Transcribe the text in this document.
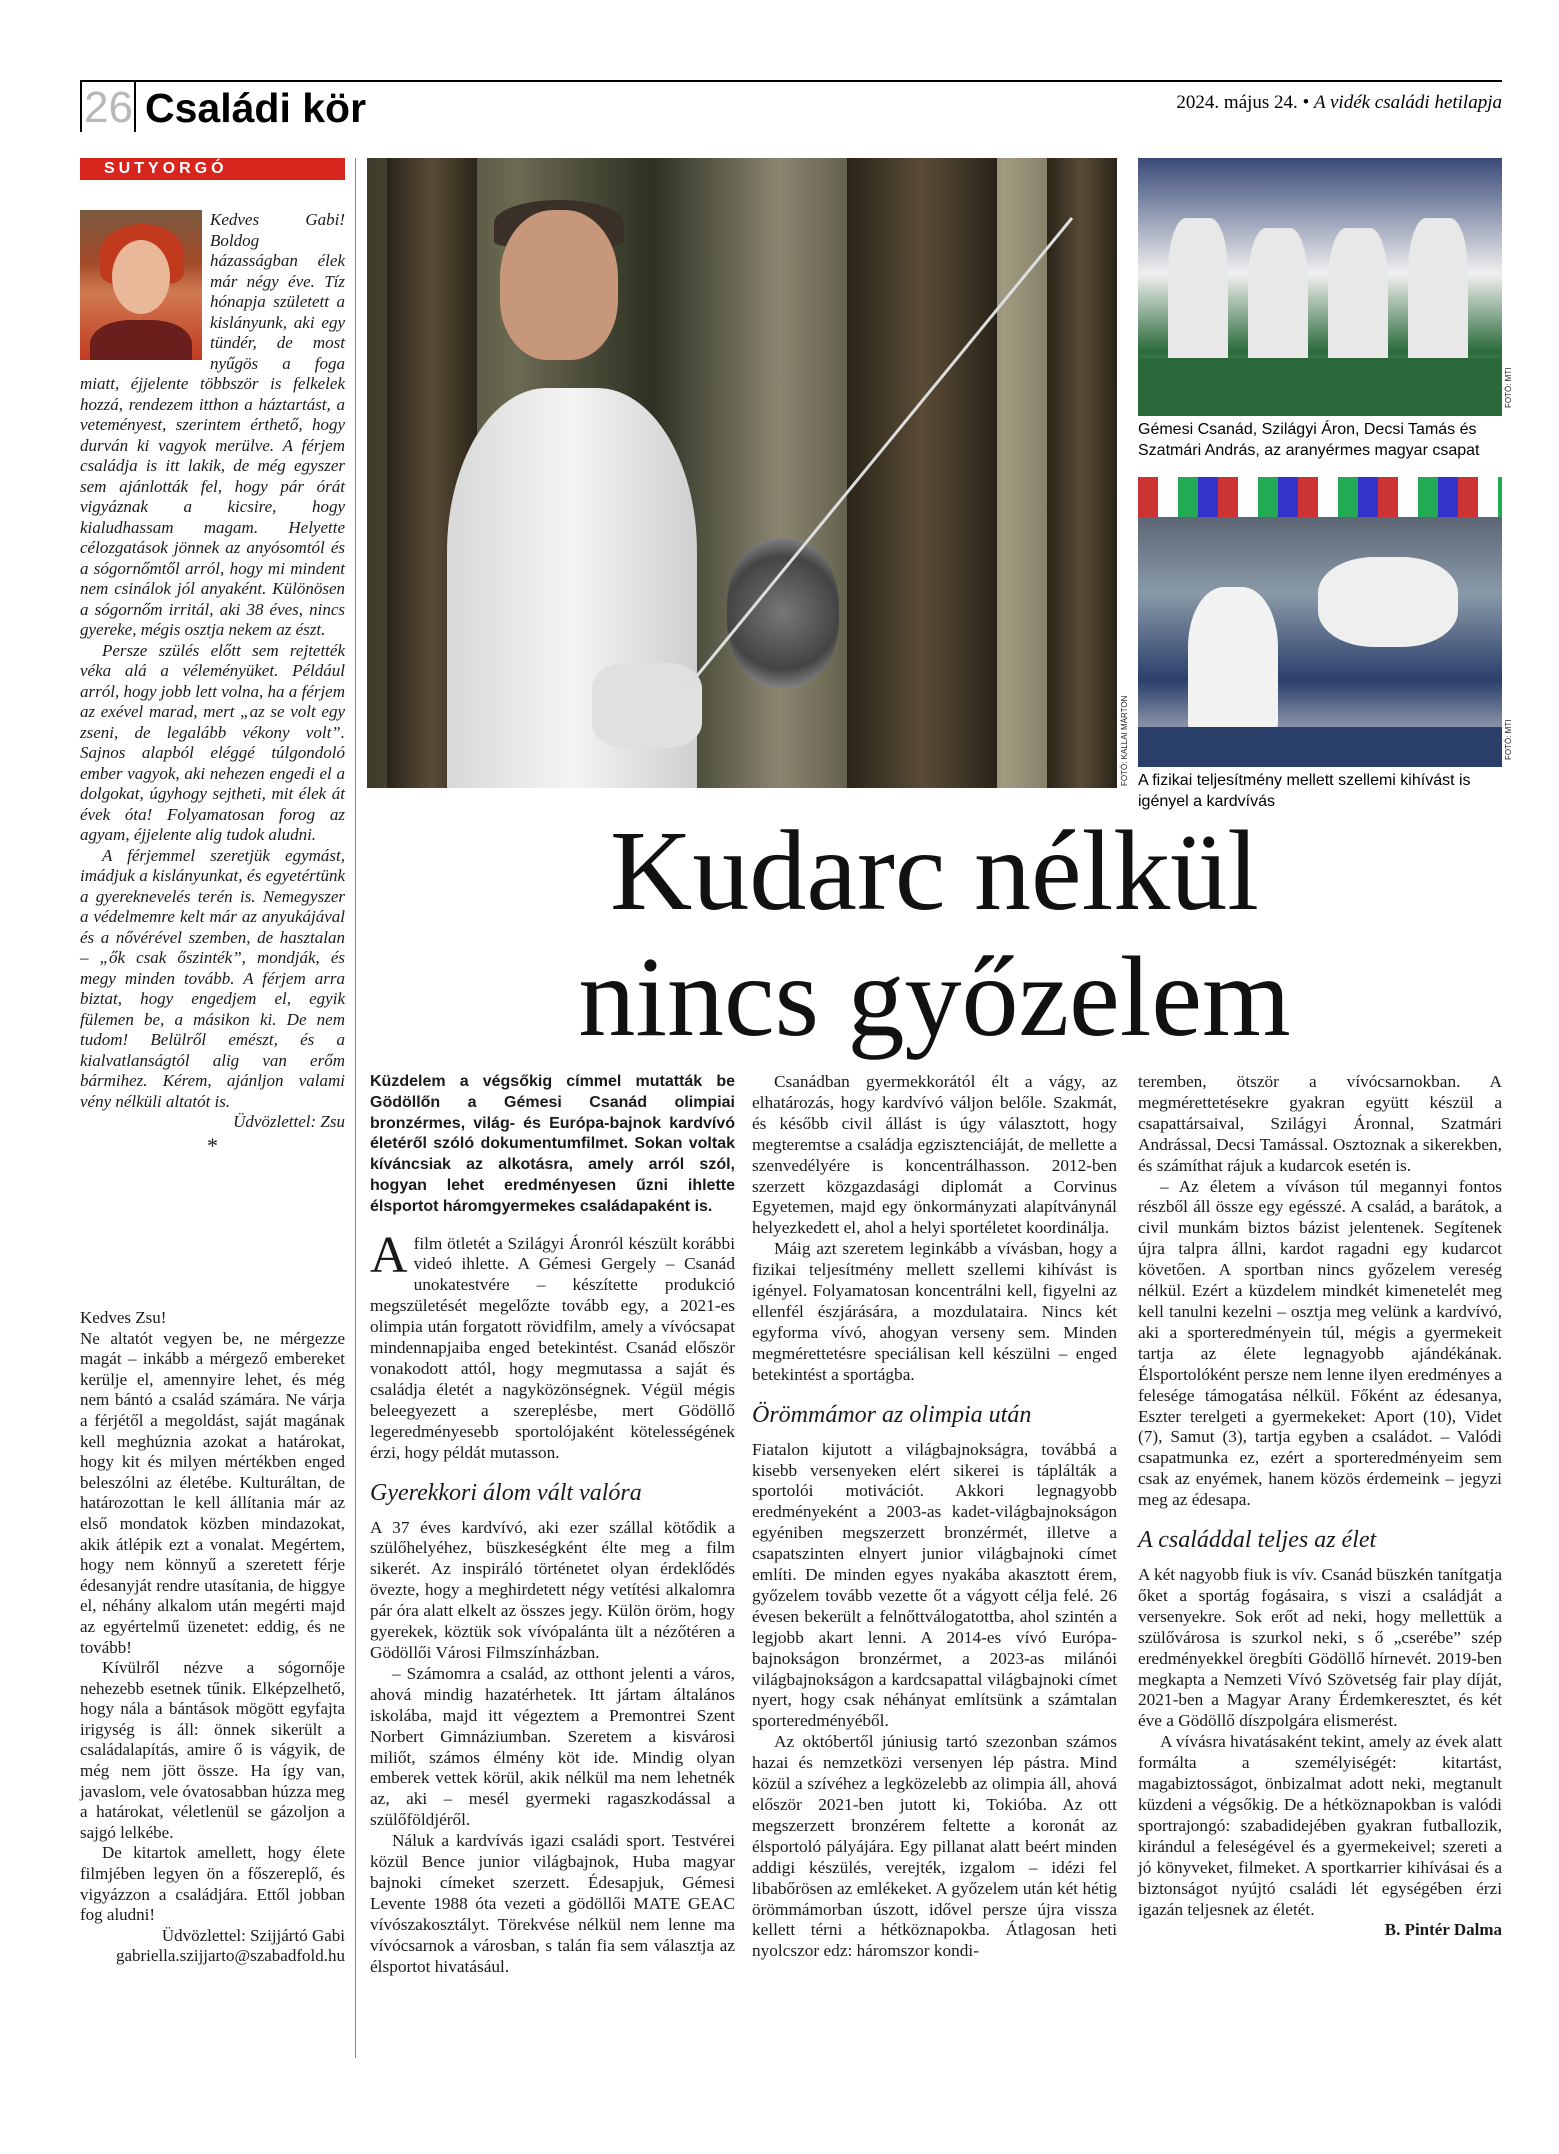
26 Családi kör	2024. május 24. • A vidék családi hetilapja
SUTYORGÓ

Kedves Gabi! Boldog házasságban élek már négy éve. Tíz hónapja született a kislányunk, aki egy tündér, de most nyűgös a foga miatt, éjjelente többször is felkelek hozzá, rendezem itthon a háztartást, a veteményest, szerintem érthető, hogy durván ki vagyok merülve. A férjem családja is itt lakik, de még egyszer sem ajánlották fel, hogy pár órát vigyáznak a kicsire, hogy kialudhassam magam. Helyette célozgatások jönnek az anyósomtól és a sógornőmtől arról, hogy mi mindent nem csinálok jól anyaként. Különösen a sógornőm irritál, aki 38 éves, nincs gyereke, mégis osztja nekem az észt.

Persze szülés előtt sem rejtették véka alá a véleményüket. Például arról, hogy jobb lett volna, ha a férjem az exével marad, mert „az se volt egy zseni, de legalább vékony volt”. Sajnos alapból eléggé túlgondoló ember vagyok, aki nehezen engedi el a dolgokat, úgyhogy sejtheti, mit élek át évek óta! Folyamatosan forog az agyam, éjjelente alig tudok aludni.

A férjemmel szeretjük egymást, imádjuk a kislányunkat, és egyetértünk a gyereknevelés terén is. Nemegyszer a védelmemre kelt már az anyukájával és a nővérével szemben, de hasztalan – „ők csak őszinték”, mondják, és megy minden tovább. A férjem arra biztat, hogy engedjem el, egyik fülemen be, a másikon ki. De nem tudom! Belülről emészt, és a kialvatlanságtól alig van erőm bármihez. Kérem, ajánljon valami vény nélküli altatót is.

Üdvözlettel: Zsu
*

Kedves Zsu!

Ne altatót vegyen be, ne mérgezze magát – inkább a mérgező embereket kerülje el, amennyire lehet, és még nem bántó a család számára. Ne várja a férjétől a megoldást, saját magának kell meghúznia azokat a határokat, hogy kit és milyen mértékben enged beleszólni az életébe. Kulturáltan, de határozottan le kell állítania már az első mondatok közben mindazokat, akik átlépik ezt a vonalat. Megértem, hogy nem könnyű a szeretett férje édesanyját rendre utasítania, de higgye el, néhány alkalom után megérti majd az egyértelmű üzenetet: eddig, és ne tovább!

Kívülről nézve a sógornője nehezebb esetnek tűnik. Elképzelhető, hogy nála a bántások mögött egyfajta irigység is áll: önnek sikerült a családalapítás, amire ő is vágyik, de még nem jött össze. Ha így van, javaslom, vele óvatosabban húzza meg a határokat, véletlenül se gázoljon a sajgó lelkébe.

De kitartok amellett, hogy élete filmjében legyen ön a főszereplő, és vigyázzon a családjára. Ettől jobban fog aludni!

Üdvözlettel: Szijjártó Gabi
gabriella.szijjarto@szabadfold.hu
FOTÓ: KALLAI MÁRTON
FOTÓ: MTI
Gémesi Csanád, Szilágyi Áron, Decsi Tamás és Szatmári András, az aranyérmes magyar csapat
FOTÓ: MTI
A fizikai teljesítmény mellett szellemi kihívást is igényel a kardvívás
Kudarc nélkül
nincs győzelem
Küzdelem a végsőkig címmel mutatták be Gödöllőn a Gémesi Csanád olimpiai bronzérmes, világ- és Európa-bajnok kardvívó életéről szóló dokumentumfilmet. Sokan voltak kíváncsiak az alkotásra, amely arról szól, hogyan lehet eredményesen űzni ihlette élsportot háromgyermekes családapaként is.

Afilm ötletét a Szilágyi Áronról készült korábbi videó ihlette. A Gémesi Gergely – Csanád unokatestvére – készítette produkció megszületését megelőzte tovább egy, a 2021-es olimpia után forgatott rövidfilm, amely a vívócsapat mindennapjaiba enged betekintést. Csanád először vonakodott attól, hogy megmutassa a saját és családja életét a nagyközönségnek. Végül mégis beleegyezett a szereplésbe, mert Gödöllő legeredményesebb sportolójaként kötelességének érzi, hogy példát mutasson.

Gyerekkori álom vált valóra

A 37 éves kardvívó, aki ezer szállal kötődik a szülőhelyéhez, büszkeségként élte meg a film sikerét. Az inspiráló történetet olyan érdeklődés övezte, hogy a meghirdetett négy vetítési alkalomra pár óra alatt elkelt az összes jegy. Külön öröm, hogy gyerekek, köztük sok vívópalánta ült a nézőtéren a Gödöllői Városi Filmszínházban.

– Számomra a család, az otthont jelenti a város, ahová mindig hazatérhetek. Itt jártam általános iskolába, majd itt végeztem a Premontrei Szent Norbert Gimnáziumban. Szeretem a kisvárosi miliőt, számos élmény köt ide. Mindig olyan emberek vettek körül, akik nélkül ma nem lehetnék az, aki – mesél gyermeki ragaszkodással a szülőföldjéről.

Náluk a kardvívás igazi családi sport. Testvérei közül Bence junior világbajnok, Huba magyar bajnoki címeket szerzett. Édesapjuk, Gémesi Levente 1988 óta vezeti a gödöllői MATE GEAC vívószakosztályt. Törekvése nélkül nem lenne ma vívócsarnok a városban, s talán fia sem választja az élsportot hivatásául.

Csanádban gyermekkorától élt a vágy, az elhatározás, hogy kardvívó váljon belőle. Szakmát, és később civil állást is úgy választott, hogy megteremtse a családja egzisztenciáját, de mellette a szenvedélyére is koncentrálhasson. 2012-ben szerzett közgazdasági diplomát a Corvinus Egyetemen, majd egy önkormányzati alapítványnál helyezkedett el, ahol a helyi sportéletet koordinálja.

Máig azt szeretem leginkább a vívásban, hogy a fizikai teljesítmény mellett szellemi kihívást is igényel. Folyamatosan koncentrálni kell, figyelni az ellenfél észjárására, a mozdulataira. Nincs két egyforma vívó, ahogyan verseny sem. Minden megmérettetésre speciálisan kell készülni – enged betekintést a sportágba.

Örömmámor az olimpia után

Fiatalon kijutott a világbajnokságra, továbbá a kisebb versenyeken elért sikerei is táplálták a sportolói motivációt. Akkori legnagyobb eredményeként a 2003-as kadet-világbajnokságon egyéniben megszerzett bronzérmét, illetve a csapatszinten elnyert junior világbajnoki címet említi. De minden egyes nyakába akasztott érem, győzelem tovább vezette őt a vágyott célja felé. 26 évesen bekerült a felnőttválogatottba, ahol szintén a legjobb akart lenni. A 2014-es vívó Európa-bajnokságon bronzérmet, a 2023-as milánói világbajnokságon a kardcsapattal világbajnoki címet nyert, hogy csak néhányat említsünk a számtalan sporteredményéből.

Az októbertől júniusig tartó szezonban számos hazai és nemzetközi versenyen lép pástra. Mind közül a szívéhez a legközelebb az olimpia áll, ahová először 2021-ben jutott ki, Tokióba. Az ott megszerzett bronzérem feltette a koronát az élsportoló pályájára. Egy pillanat alatt beért minden addigi készülés, verejték, izgalom – idézi fel libabőrösen az emlékeket. A győzelem után két hétig örömmámorban úszott, idővel persze újra vissza kellett térni a hétköznapokba. Átlagosan heti nyolcszor edz: háromszor kondi-

teremben, ötször a vívócsarnokban. A megmérettetésekre gyakran együtt készül a csapattársaival, Szilágyi Áronnal, Szatmári Andrással, Decsi Tamással. Osztoznak a sikerekben, és számíthat rájuk a kudarcok esetén is.

– Az életem a víváson túl megannyi fontos részből áll össze egy egésszé. A család, a barátok, a civil munkám biztos bázist jelentenek. Segítenek újra talpra állni, kardot ragadni egy kudarcot követően. A sportban nincs győzelem vereség nélkül. Ezért a küzdelem mindkét kimenetelét meg kell tanulni kezelni – osztja meg velünk a kardvívó, aki a sporteredményein túl, mégis a gyermekeit tartja az élete legnagyobb ajándékának. Élsportolóként persze nem lenne ilyen eredményes a felesége támogatása nélkül. Főként az édesanya, Eszter terelgeti a gyermekeket: Aport (10), Videt (7), Samut (3), tartja egyben a családot. – Valódi csapatmunka ez, ezért a sporteredményeim sem csak az enyémek, hanem közös érdemeink – jegyzi meg az édesapa.

A családdal teljes az élet

A két nagyobb fiuk is vív. Csanád büszkén tanítgatja őket a sportág fogásaira, s viszi a családját a versenyekre. Sok erőt ad neki, hogy mellettük a szülővárosa is szurkol neki, s ő „cserébe” szép eredményekkel öregbíti Gödöllő hírnevét. 2019-ben megkapta a Nemzeti Vívó Szövetség fair play díját, 2021-ben a Magyar Arany Érdemkeresztet, és két éve a Gödöllő díszpolgára elismerést.

A vívásra hivatásaként tekint, amely az évek alatt formálta a személyiségét: kitartást, magabiztosságot, önbizalmat adott neki, megtanult küzdeni a végsőkig. De a hétköznapokban is valódi sportrajongó: szabadidejében gyakran futballozik, kirándul a feleségével és a gyermekeivel; szereti a jó könyveket, filmeket. A sportkarrier kihívásai és a biztonságot nyújtó családi lét egységében érzi igazán teljesnek az életét.

B. Pintér Dalma
